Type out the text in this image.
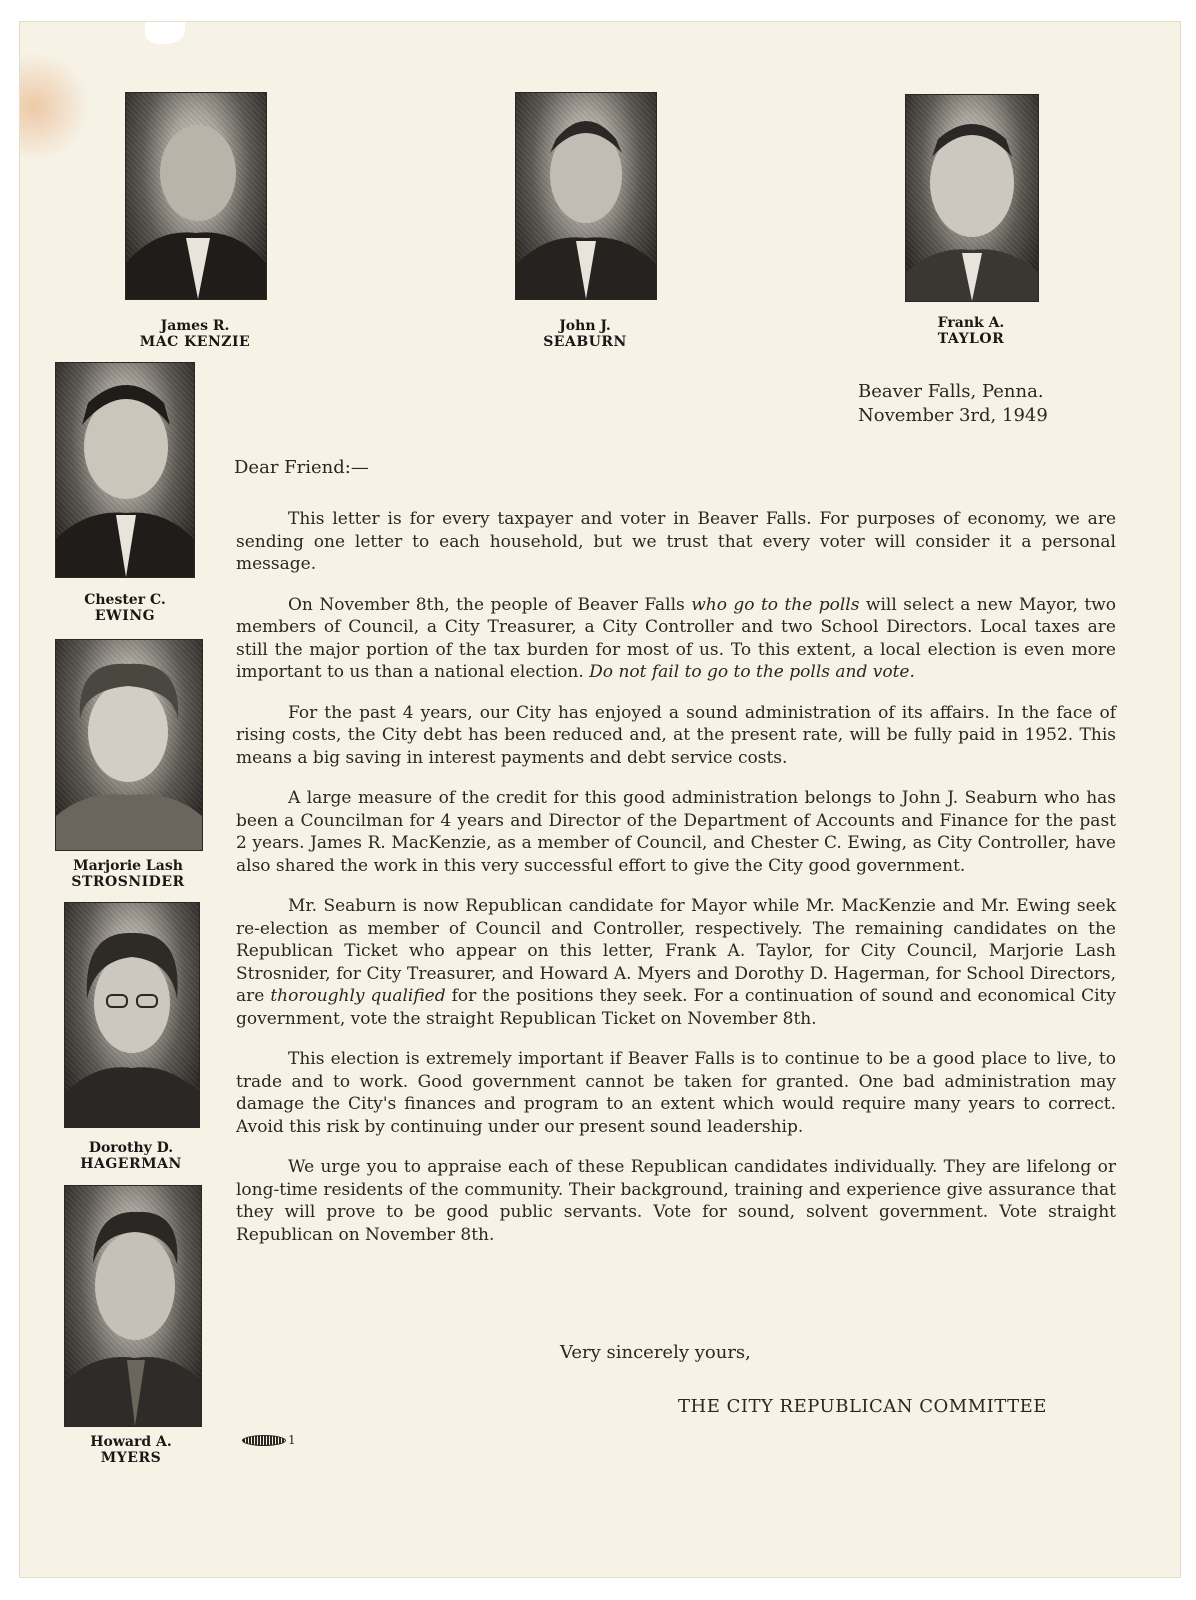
James R.
MAC KENZIE
John J.
SEABURN
Frank A.
TAYLOR
Chester C.
EWING
Marjorie Lash
STROSNIDER
Dorothy D.
HAGERMAN
Howard A.
MYERS
Beaver Falls, Penna.
November 3rd, 1949
Dear Friend:—

This letter is for every taxpayer and voter in Beaver Falls. For purposes of economy, we are sending one letter to each household, but we trust that every voter will consider it a personal message.

On November 8th, the people of Beaver Falls who go to the polls will select a new Mayor, two members of Council, a City Treasurer, a City Controller and two School Directors. Local taxes are still the major portion of the tax burden for most of us. To this extent, a local election is even more important to us than a national election. Do not fail to go to the polls and vote.

For the past 4 years, our City has enjoyed a sound administration of its affairs. In the face of rising costs, the City debt has been reduced and, at the present rate, will be fully paid in 1952. This means a big saving in interest payments and debt service costs.

A large measure of the credit for this good administration belongs to John J. Seaburn who has been a Councilman for 4 years and Director of the Department of Accounts and Finance for the past 2 years. James R. MacKenzie, as a member of Council, and Chester C. Ewing, as City Controller, have also shared the work in this very successful effort to give the City good government.

Mr. Seaburn is now Republican candidate for Mayor while Mr. MacKenzie and Mr. Ewing seek re-election as member of Council and Controller, respectively. The remaining candidates on the Republican Ticket who appear on this letter, Frank A. Taylor, for City Council, Marjorie Lash Strosnider, for City Treasurer, and Howard A. Myers and Dorothy D. Hagerman, for School Directors, are thoroughly qualified for the positions they seek. For a continuation of sound and economical City government, vote the straight Republican Ticket on November 8th.

This election is extremely important if Beaver Falls is to continue to be a good place to live, to trade and to work. Good government cannot be taken for granted. One bad administration may damage the City's finances and program to an extent which would require many years to correct. Avoid this risk by continuing under our present sound leadership.

We urge you to appraise each of these Republican candidates individually. They are lifelong or long-time residents of the community. Their background, training and experience give assurance that they will prove to be good public servants. Vote for sound, solvent government. Vote straight Republican on November 8th.

Very sincerely yours,
THE CITY REPUBLICAN COMMITTEE
1
